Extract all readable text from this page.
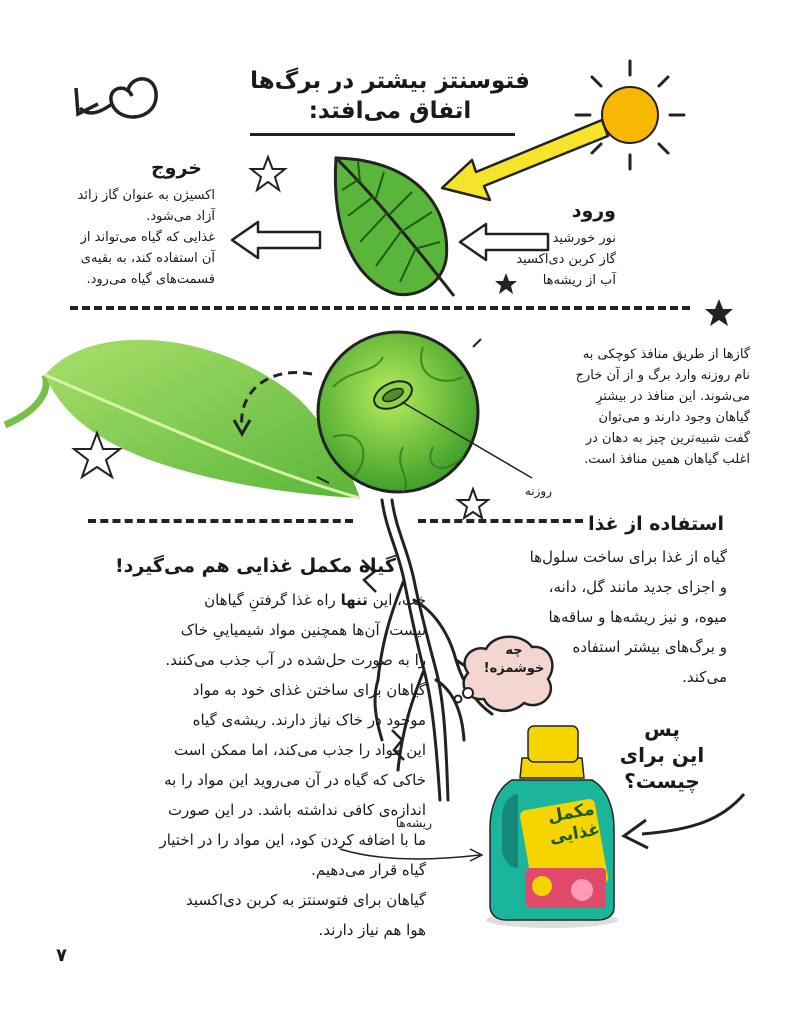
فتوسنتز بیشتر در برگ‌ها اتفاق می‌افتد:
خروج
اکسیژن به عنوان گاز زائد
آزاد می‌شود.
غذایی که گیاه می‌تواند از
آن استفاده کند، به بقیه‌ی
قسمت‌های گیاه می‌رود.
ورود
نور خورشید
گاز کربن دی‌اکسید
آب از ریشه‌ها
روزنه
گازها از طریق منافذ کوچکی به
نام روزنه وارد برگ و از آن خارج
می‌شوند. این منافذ در بیشترِ
گیاهان وجود دارند و می‌توان
گفت شبیه‌ترین چیز به دهان در
اغلب گیاهان همین منافذ است.
ریشه‌ها
استفاده از غذا
گیاه از غذا برای ساخت سلول‌ها
و اجزای جدید مانند گل، دانه،
میوه، و نیز ریشه‌ها و ساقه‌ها
و برگ‌های بیشتر استفاده
می‌کند.
گیاه مکمل غذایی هم می‌گیرد!
خب، این تنها راه غذا گرفتنِ گیاهان
نیست. آن‌ها همچنین مواد شیمیاییِ خاک
را به صورت حل‌شده در آب جذب می‌کنند.
گیاهان برای ساختن غذای خود به مواد
موجود در خاک نیاز دارند. ریشه‌ی گیاه
این مواد را جذب می‌کند، اما ممکن است
خاکی که گیاه در آن می‌روید این مواد را به
اندازه‌ی کافی نداشته باشد. در این صورت
ما با اضافه کردن کود، این مواد را در اختیار
گیاه قرار می‌دهیم.
گیاهان برای فتوسنتز به کربن دی‌اکسید
هوا هم نیاز دارند.
چه
خوشمزه!
پس
این برای
چیست؟
مکمل
غذایی
۷
